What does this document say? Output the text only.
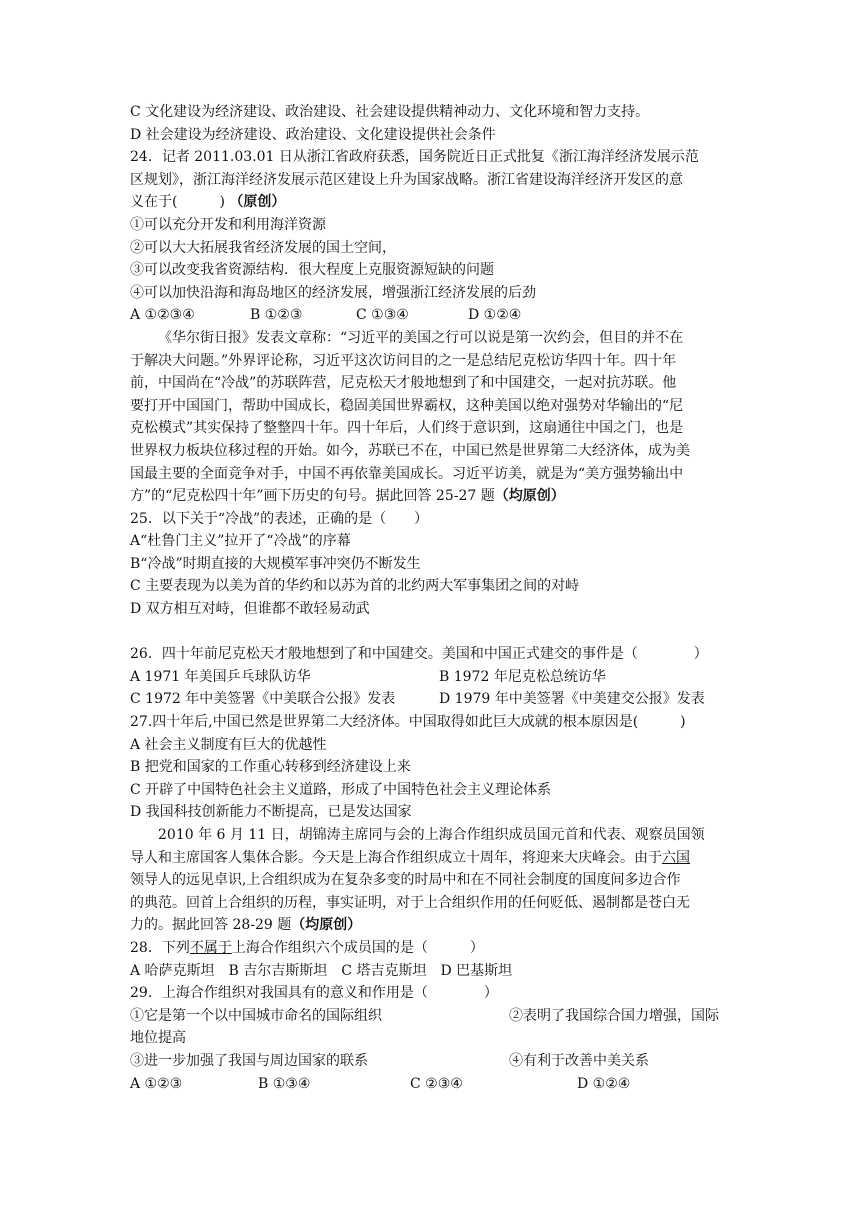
C 文化建设为经济建设、政治建设、社会建设提供精神动力、文化环境和智力支持。
D 社会建设为经济建设、政治建设、文化建设提供社会条件
24．记者 2011.03.01 日从浙江省政府获悉，国务院近日正式批复《浙江海洋经济发展示范
区规划》，浙江海洋经济发展示范区建设上升为国家战略。浙江省建设海洋经济开发区的意
义在于(　　　) （原创）
①可以充分开发和利用海洋资源
②可以大大拓展我省经济发展的国土空间，
③可以改变我省资源结构．很大程度上克服资源短缺的问题
④可以加快沿海和海岛地区的经济发展，增强浙江经济发展的后劲
A ①②③④	B ①②③	C ①③④	D ①②④
《华尔街日报》发表文章称：“习近平的美国之行可以说是第一次约会，但目的并不在
于解决大问题。”外界评论称，习近平这次访问目的之一是总结尼克松访华四十年。四十年
前，中国尚在“冷战”的苏联阵营，尼克松天才般地想到了和中国建交，一起对抗苏联。他
要打开中国国门，帮助中国成长，稳固美国世界霸权，这种美国以绝对强势对华输出的“尼
克松模式”其实保持了整整四十年。四十年后，人们终于意识到，这扇通往中国之门，也是
世界权力板块位移过程的开始。如今，苏联已不在，中国已然是世界第二大经济体，成为美
国最主要的全面竞争对手，中国不再依靠美国成长。习近平访美，就是为“美方强势输出中
方”的“尼克松四十年”画下历史的句号。据此回答 25-27 题（均原创）
25．以下关于“冷战”的表述，正确的是（　　）
A“杜鲁门主义”拉开了“冷战”的序幕
B“冷战”时期直接的大规模军事冲突仍不断发生
C 主要表现为以美为首的华约和以苏为首的北约两大军事集团之间的对峙
D 双方相互对峙，但谁都不敢轻易动武
26．四十年前尼克松天才般地想到了和中国建交。美国和中国正式建交的事件是（　　　　）
A 1971 年美国乒乓球队访华	B 1972 年尼克松总统访华
C 1972 年中美签署《中美联合公报》发表	D 1979 年中美签署《中美建交公报》发表
27.四十年后,中国已然是世界第二大经济体。中国取得如此巨大成就的根本原因是(　　　)
A 社会主义制度有巨大的优越性
B 把党和国家的工作重心转移到经济建设上来
C 开辟了中国特色社会主义道路，形成了中国特色社会主义理论体系
D 我国科技创新能力不断提高，已是发达国家
2010 年 6 月 11 日，胡锦涛主席同与会的上海合作组织成员国元首和代表、观察员国领
导人和主席国客人集体合影。今天是上海合作组织成立十周年，将迎来大庆峰会。由于六国
领导人的远见卓识,上合组织成为在复杂多变的时局中和在不同社会制度的国度间多边合作
的典范。回首上合组织的历程，事实证明，对于上合组织作用的任何贬低、遏制都是苍白无
力的。据此回答 28-29 题（均原创）
28．下列不属于上海合作组织六个成员国的是（　　　）
A 哈萨克斯坦　B 吉尔吉斯斯坦　C 塔吉克斯坦　D 巴基斯坦
29．上海合作组织对我国具有的意义和作用是（　　　　）
①它是第一个以中国城市命名的国际组织	②表明了我国综合国力增强，国际
地位提高
③进一步加强了我国与周边国家的联系	④有利于改善中美关系
A ①②③	B ①③④	C ②③④	D ①②④
